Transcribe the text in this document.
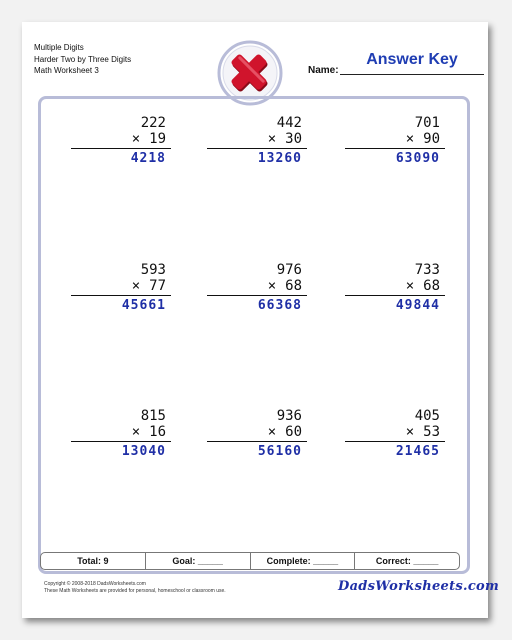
Multiple Digits
Harder Two by Three Digits
Math Worksheet 3	Name:
Answer Key
222
× 19
4218
442
× 30
13260
701
× 90
63090
593
× 77
45661
976
× 68
66368
733
× 68
49844
815
× 16
13040
936
× 60
56160
405
× 53
21465
Total: 9	Goal: _____	Complete: _____	Correct: _____
Copyright © 2008-2018 DadsWorksheets.com
These Math Worksheets are provided for personal, homeschool or classroom use.	DadsWorksheets.com
